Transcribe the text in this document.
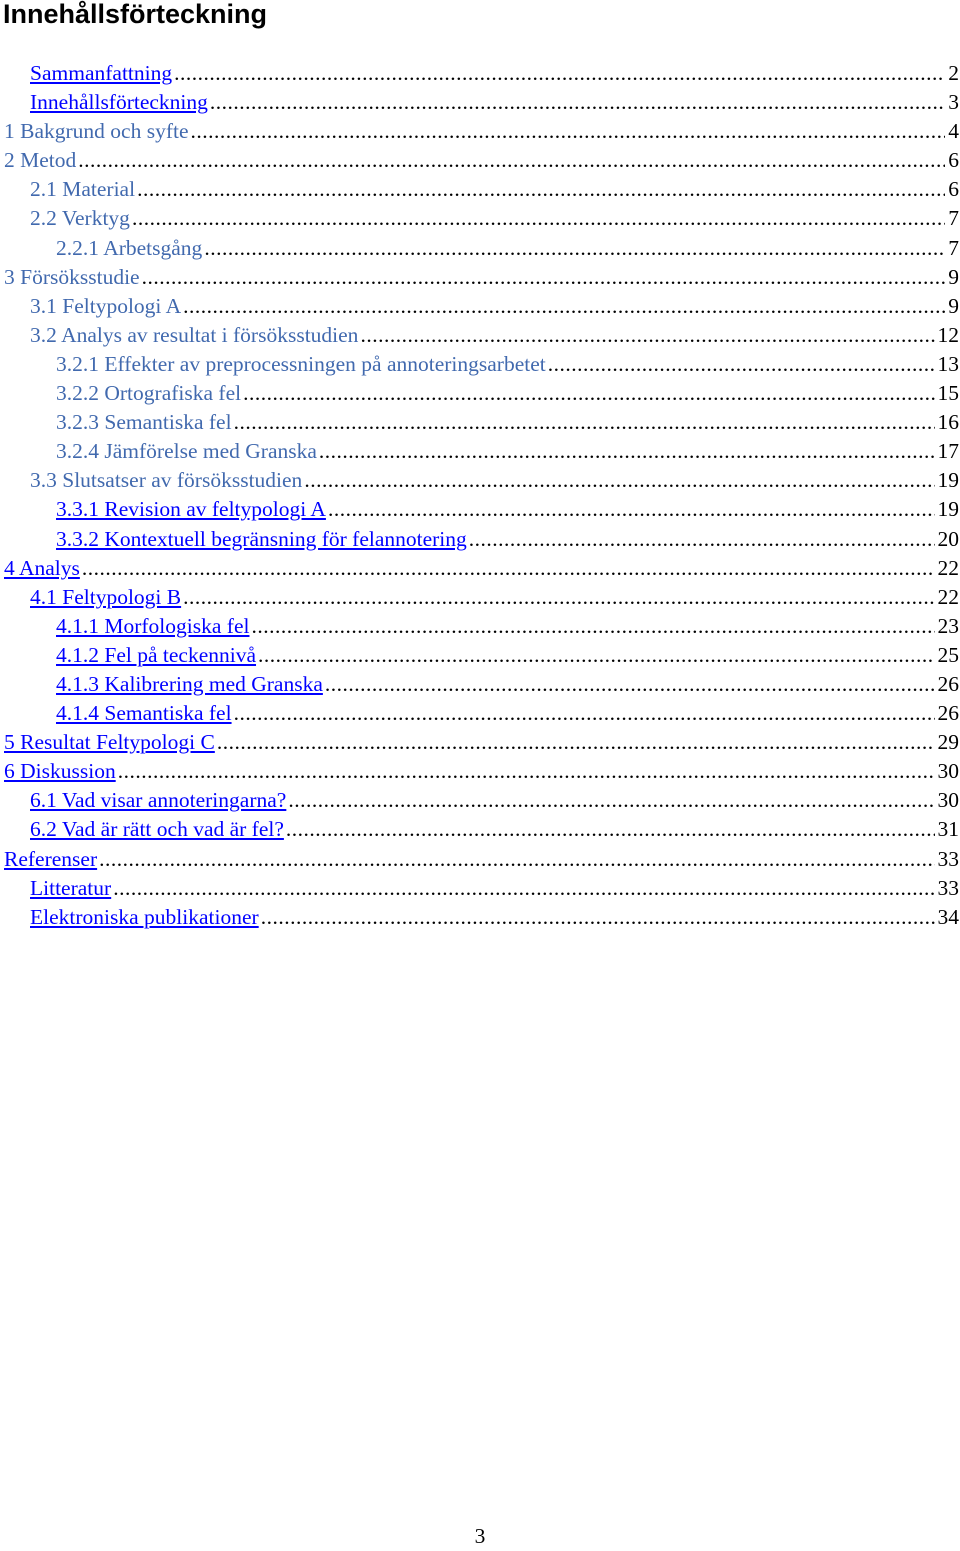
Innehållsförteckning
Sammanfattning .....	2
Innehållsförteckning .....	3
1 Bakgrund och syfte .....	4
2 Metod .....	6
2.1 Material .....	6
2.2 Verktyg .....	7
2.2.1 Arbetsgång .....	7
3 Försöksstudie .....	9
3.1 Feltypologi A .....	9
3.2 Analys av resultat i försöksstudien .....	12
3.2.1 Effekter av preprocessningen på annoteringsarbetet .....	13
3.2.2 Ortografiska fel .....	15
3.2.3 Semantiska fel .....	16
3.2.4 Jämförelse med Granska .....	17
3.3 Slutsatser av försöksstudien .....	19
3.3.1 Revision av feltypologi A .....	19
3.3.2 Kontextuell begränsning för felannotering .....	20
4 Analys .....	22
4.1 Feltypologi B .....	22
4.1.1 Morfologiska fel .....	23
4.1.2 Fel på teckennivå .....	25
4.1.3 Kalibrering med Granska .....	26
4.1.4 Semantiska fel .....	26
5 Resultat Feltypologi C .....	29
6 Diskussion .....	30
6.1 Vad visar annoteringarna? .....	30
6.2 Vad är rätt och vad är fel? .....	31
Referenser .....	33
Litteratur .....	33
Elektroniska publikationer .....	34
3
